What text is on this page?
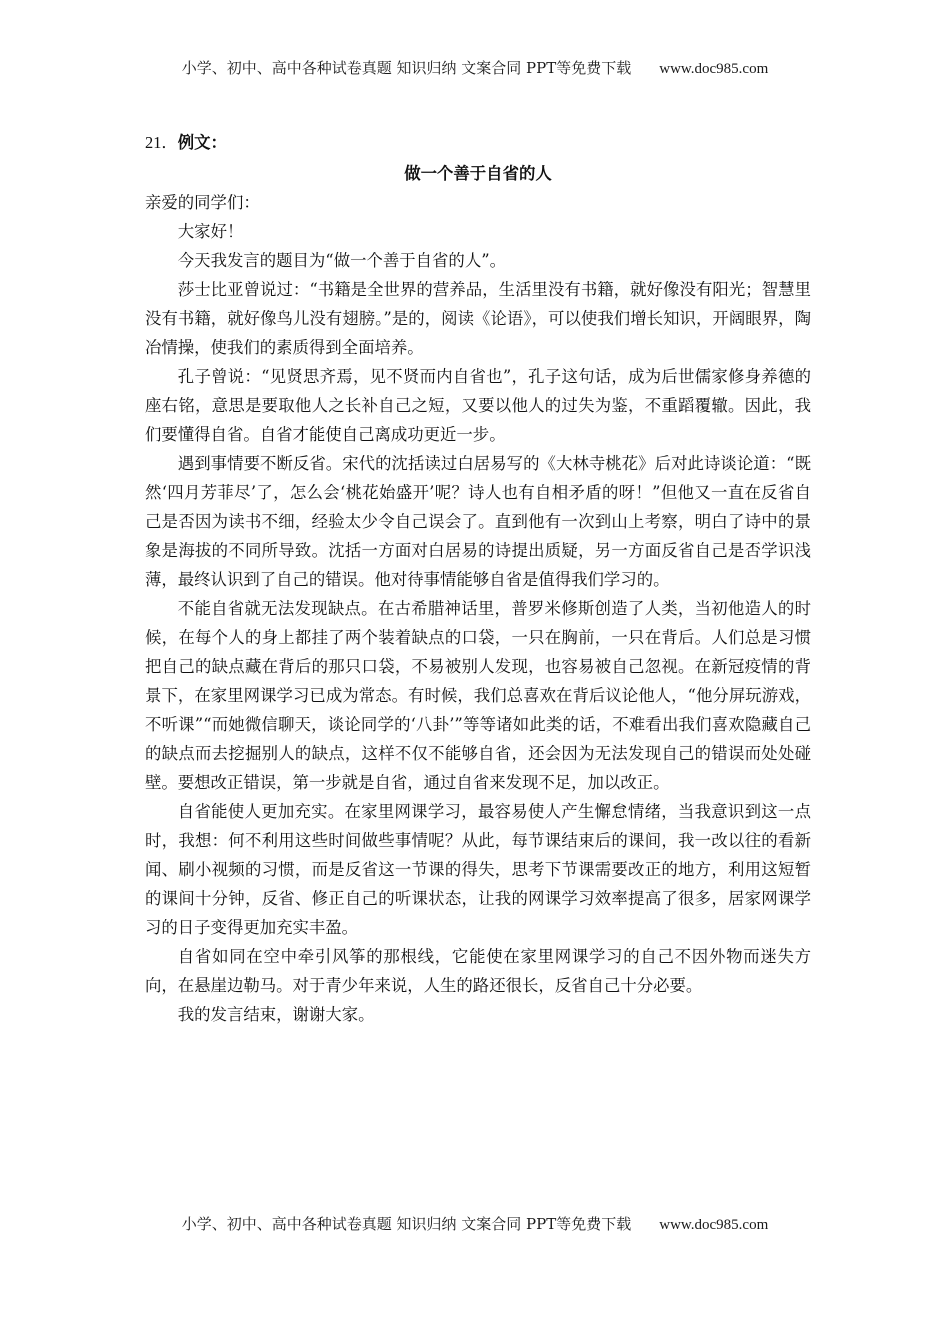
小学、初中、高中各种试卷真题 知识归纳 文案合同 PPT等免费下载 www.doc985.com

21．例文：

做一个善于自省的人

亲爱的同学们：

大家好！

今天我发言的题目为“做一个善于自省的人”。

莎士比亚曾说过：“书籍是全世界的营养品，生活里没有书籍，就好像没有阳光；智慧里没有书籍，就好像鸟儿没有翅膀。”是的，阅读《论语》，可以使我们增长知识，开阔眼界，陶冶情操，使我们的素质得到全面培养。

孔子曾说：“见贤思齐焉，见不贤而内自省也”，孔子这句话，成为后世儒家修身养德的座右铭，意思是要取他人之长补自己之短，又要以他人的过失为鉴，不重蹈覆辙。因此，我们要懂得自省。自省才能使自己离成功更近一步。

遇到事情要不断反省。宋代的沈括读过白居易写的《大林寺桃花》后对此诗谈论道：“既然‘四月芳菲尽’了，怎么会‘桃花始盛开’呢？诗人也有自相矛盾的呀！”但他又一直在反省自己是否因为读书不细，经验太少令自己误会了。直到他有一次到山上考察，明白了诗中的景象是海拔的不同所导致。沈括一方面对白居易的诗提出质疑，另一方面反省自己是否学识浅薄，最终认识到了自己的错误。他对待事情能够自省是值得我们学习的。

不能自省就无法发现缺点。在古希腊神话里，普罗米修斯创造了人类，当初他造人的时候，在每个人的身上都挂了两个装着缺点的口袋，一只在胸前，一只在背后。人们总是习惯把自己的缺点藏在背后的那只口袋，不易被别人发现，也容易被自己忽视。在新冠疫情的背景下，在家里网课学习已成为常态。有时候，我们总喜欢在背后议论他人，“他分屏玩游戏，不听课”“而她微信聊天，谈论同学的‘八卦’”等等诸如此类的话，不难看出我们喜欢隐藏自己的缺点而去挖掘别人的缺点，这样不仅不能够自省，还会因为无法发现自己的错误而处处碰壁。要想改正错误，第一步就是自省，通过自省来发现不足，加以改正。

自省能使人更加充实。在家里网课学习，最容易使人产生懈怠情绪，当我意识到这一点时，我想：何不利用这些时间做些事情呢？从此，每节课结束后的课间，我一改以往的看新闻、刷小视频的习惯，而是反省这一节课的得失，思考下节课需要改正的地方，利用这短暂的课间十分钟，反省、修正自己的听课状态，让我的网课学习效率提高了很多，居家网课学习的日子变得更加充实丰盈。

自省如同在空中牵引风筝的那根线，它能使在家里网课学习的自己不因外物而迷失方向，在悬崖边勒马。对于青少年来说，人生的路还很长，反省自己十分必要。

我的发言结束，谢谢大家。

小学、初中、高中各种试卷真题 知识归纳 文案合同 PPT等免费下载 www.doc985.com
